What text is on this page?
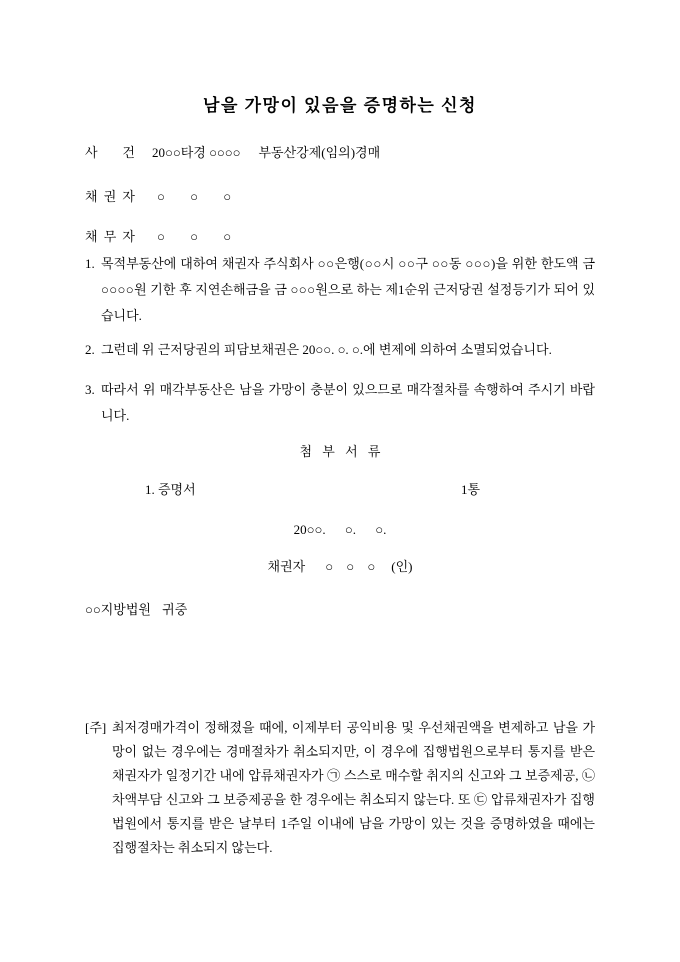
남을 가망이 있음을 증명하는 신청
사 건 20○○타경 ○○○○ 부동산강제(임의)경매
채 권 자 ○ ○ ○
채 무 자 ○ ○ ○
1. 목적부동산에 대하여 채권자 주식회사 ○○은행(○○시 ○○구 ○○동 ○○○)을 위한 한도액 금 ○○○○원 기한 후 지연손해금을 금 ○○○원으로 하는 제1순위 근저당권 설정등기가 되어 있습니다.
2. 그런데 위 근저당권의 피담보채권은 20○○. ○. ○.에 변제에 의하여 소멸되었습니다.
3. 따라서 위 매각부동산은 남을 가망이 충분이 있으므로 매각절차를 속행하여 주시기 바랍니다.
첨 부 서 류
1. 증명서	1통
20○○. ○. ○.
채권자 ○ ○ ○ (인)
○○지방법원 귀중
[주] 최저경매가격이 정해졌을 때에, 이제부터 공익비용 및 우선채권액을 변제하고 남을 가망이 없는 경우에는 경매절차가 취소되지만, 이 경우에 집행법원으로부터 통지를 받은 채권자가 일정기간 내에 압류채권자가 ㉠ 스스로 매수할 취지의 신고와 그 보증제공, ㉡ 차액부담 신고와 그 보증제공을 한 경우에는 취소되지 않는다. 또 ㉢ 압류채권자가 집행법원에서 통지를 받은 날부터 1주일 이내에 남을 가망이 있는 것을 증명하였을 때에는 집행절차는 취소되지 않는다.
